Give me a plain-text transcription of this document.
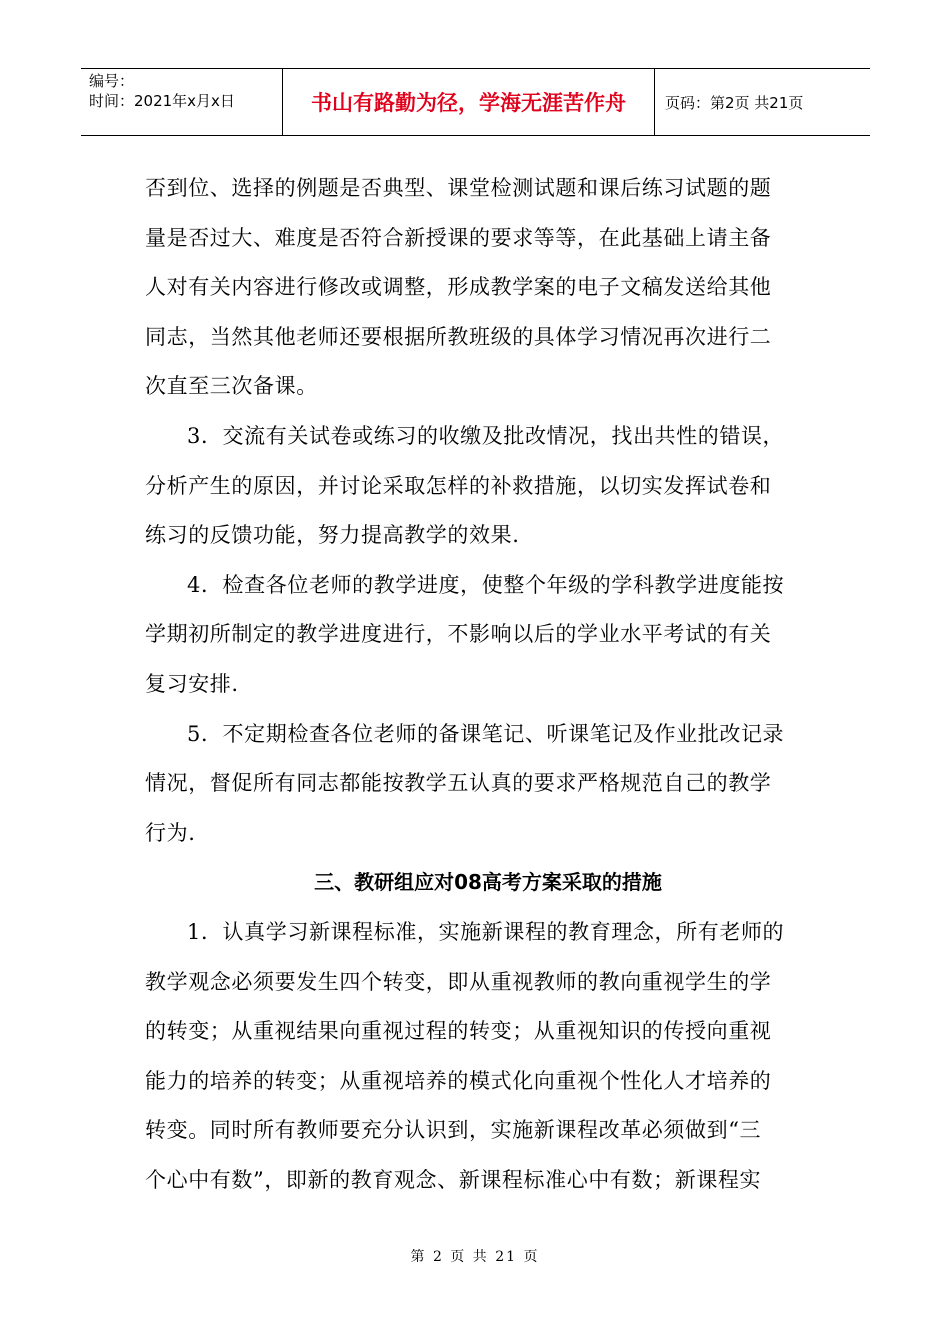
编号：
时间：2021年x月x日	书山有路勤为径，学海无涯苦作舟	页码：第2页 共21页
否到位、选择的例题是否典型、课堂检测试题和课后练习试题的题
量是否过大、难度是否符合新授课的要求等等，在此基础上请主备
人对有关内容进行修改或调整，形成教学案的电子文稿发送给其他
同志，当然其他老师还要根据所教班级的具体学习情况再次进行二
次直至三次备课。
3．交流有关试卷或练习的收缴及批改情况，找出共性的错误，
分析产生的原因，并讨论采取怎样的补救措施，以切实发挥试卷和
练习的反馈功能，努力提高教学的效果.
4．检查各位老师的教学进度，使整个年级的学科教学进度能按
学期初所制定的教学进度进行，不影响以后的学业水平考试的有关
复习安排.
5．不定期检查各位老师的备课笔记、听课笔记及作业批改记录
情况，督促所有同志都能按教学五认真的要求严格规范自己的教学
行为.
三、教研组应对08高考方案采取的措施
1．认真学习新课程标准，实施新课程的教育理念，所有老师的
教学观念必须要发生四个转变，即从重视教师的教向重视学生的学
的转变；从重视结果向重视过程的转变；从重视知识的传授向重视
能力的培养的转变；从重视培养的模式化向重视个性化人才培养的
转变。同时所有教师要充分认识到，实施新课程改革必须做到“三
个心中有数”，即新的教育观念、新课程标准心中有数；新课程实
第 2 页 共 21 页
